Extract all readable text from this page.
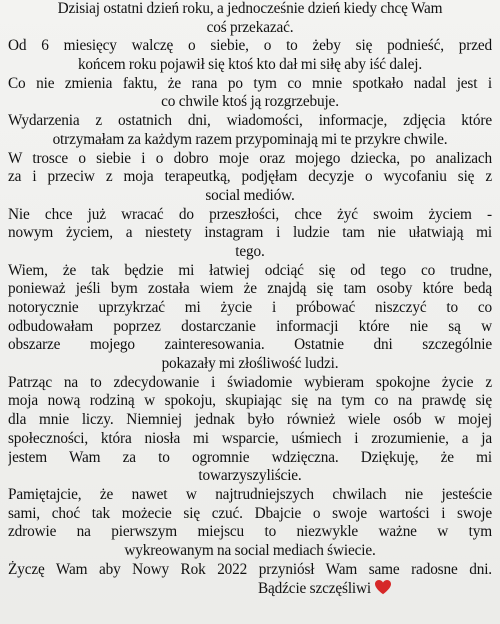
Dzisiaj ostatni dzień roku, a jednocześnie dzień kiedy chcę Wam
coś przekazać.
Od 6 miesięcy walczę o siebie, o to żeby się podnieść, przed
końcem roku pojawił się ktoś kto dał mi siłę aby iść dalej.
Co nie zmienia faktu, że rana po tym co mnie spotkało nadal jest i
co chwile ktoś ją rozgrzebuje.
Wydarzenia z ostatnich dni, wiadomości, informacje, zdjęcia które
otrzymałam za każdym razem przypominają mi te przykre chwile.
W trosce o siebie i o dobro moje oraz mojego dziecka, po analizach
za i przeciw z moja terapeutką, podjęłam decyzje o wycofaniu się z
social mediów.
Nie chce już wracać do przeszłości, chce żyć swoim życiem -
nowym życiem, a niestety instagram i ludzie tam nie ułatwiają mi
tego.
Wiem, że tak będzie mi łatwiej odciąć się od tego co trudne,
ponieważ jeśli bym została wiem że znajdą się tam osoby które bedą
notorycznie uprzykrzać mi życie i próbować niszczyć to co
odbudowałam poprzez dostarczanie informacji które nie są w
obszarze mojego zainteresowania. Ostatnie dni szczególnie
pokazały mi złośliwość ludzi.
Patrząc na to zdecydowanie i świadomie wybieram spokojne życie z
moja nową rodziną w spokoju, skupiając się na tym co na prawdę się
dla mnie liczy. Niemniej jednak było również wiele osób w mojej
społeczności, która niosła mi wsparcie, uśmiech i zrozumienie, a ja
jestem Wam za to ogromnie wdzięczna. Dziękuję, że mi
towarzyszyliście.
Pamiętajcie, że nawet w najtrudniejszych chwilach nie jesteście
sami, choć tak możecie się czuć. Dbajcie o swoje wartości i swoje
zdrowie na pierwszym miejscu to niezwykle ważne w tym
wykreowanym na social mediach świecie.
Życzę Wam aby Nowy Rok 2022 przyniósł Wam same radosne dni.
Bądźcie szczęśliwi
